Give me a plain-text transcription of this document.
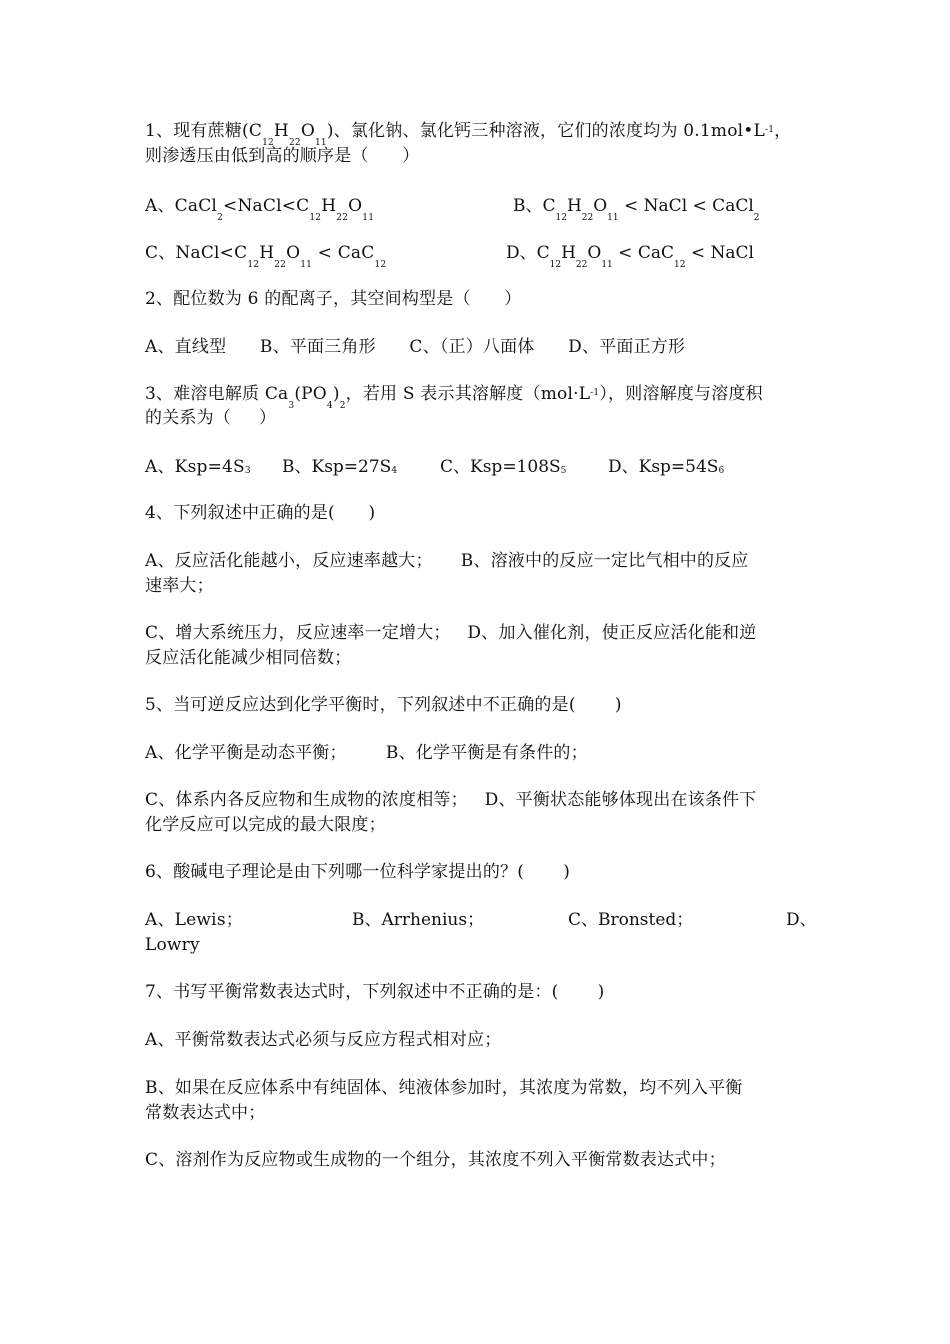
1、现有蔗糖$(C_{12}H_{22}O_{11})$、氯化钠、氯化钙三种溶液，它们的浓度均为 $0.1mol•L^{-1}$，
则渗透压由低到高的顺序是（      ）
A、$CaCl_2<NaCl<C_{12}H_{22}O_{11}$
B、$C_{12}H_{22}O_{11}$ < NaCl < CaCl$_2$
C、$NaCl<C_{12}H_{22}O_{11} < CaC_{12}$
D、$C_{12}H_{22}O_{11} < CaC_{12}$ < NaCl
2、配位数为 6 的配离子，其空间构型是（      ）
A、直线型      B、平面三角形      C、（正）八面体      D、平面正方形
3、难溶电解质 $Ca_3(PO_4)_2$，若用 S 表示其溶解度$(mol\cdot L^{-1})$，则溶解度与溶度积
的关系为（     ）
A、Ksp=4S3 B、Ksp=27S4	C、Ksp=108S5 D、Ksp=54S6
4、下列叙述中正确的是(      )
A、反应活化能越小，反应速率越大；     B、溶液中的反应一定比气相中的反应
速率大；
C、增大系统压力，反应速率一定增大；   D、加入催化剂，使正反应活化能和逆
反应活化能减少相同倍数；
5、当可逆反应达到化学平衡时，下列叙述中不正确的是(       )
A、化学平衡是动态平衡；       B、化学平衡是有条件的；
C、体系内各反应物和生成物的浓度相等；   D、平衡状态能够体现出在该条件下
化学反应可以完成的最大限度；
6、酸碱电子理论是由下列哪一位科学家提出的？(       )
A、Lewis；	B、Arrhenius；	C、Bronsted；	D、
Lowry
7、书写平衡常数表达式时，下列叙述中不正确的是：(       )
A、平衡常数表达式必须与反应方程式相对应；
B、如果在反应体系中有纯固体、纯液体参加时，其浓度为常数，均不列入平衡
常数表达式中；
C、溶剂作为反应物或生成物的一个组分，其浓度不列入平衡常数表达式中；
